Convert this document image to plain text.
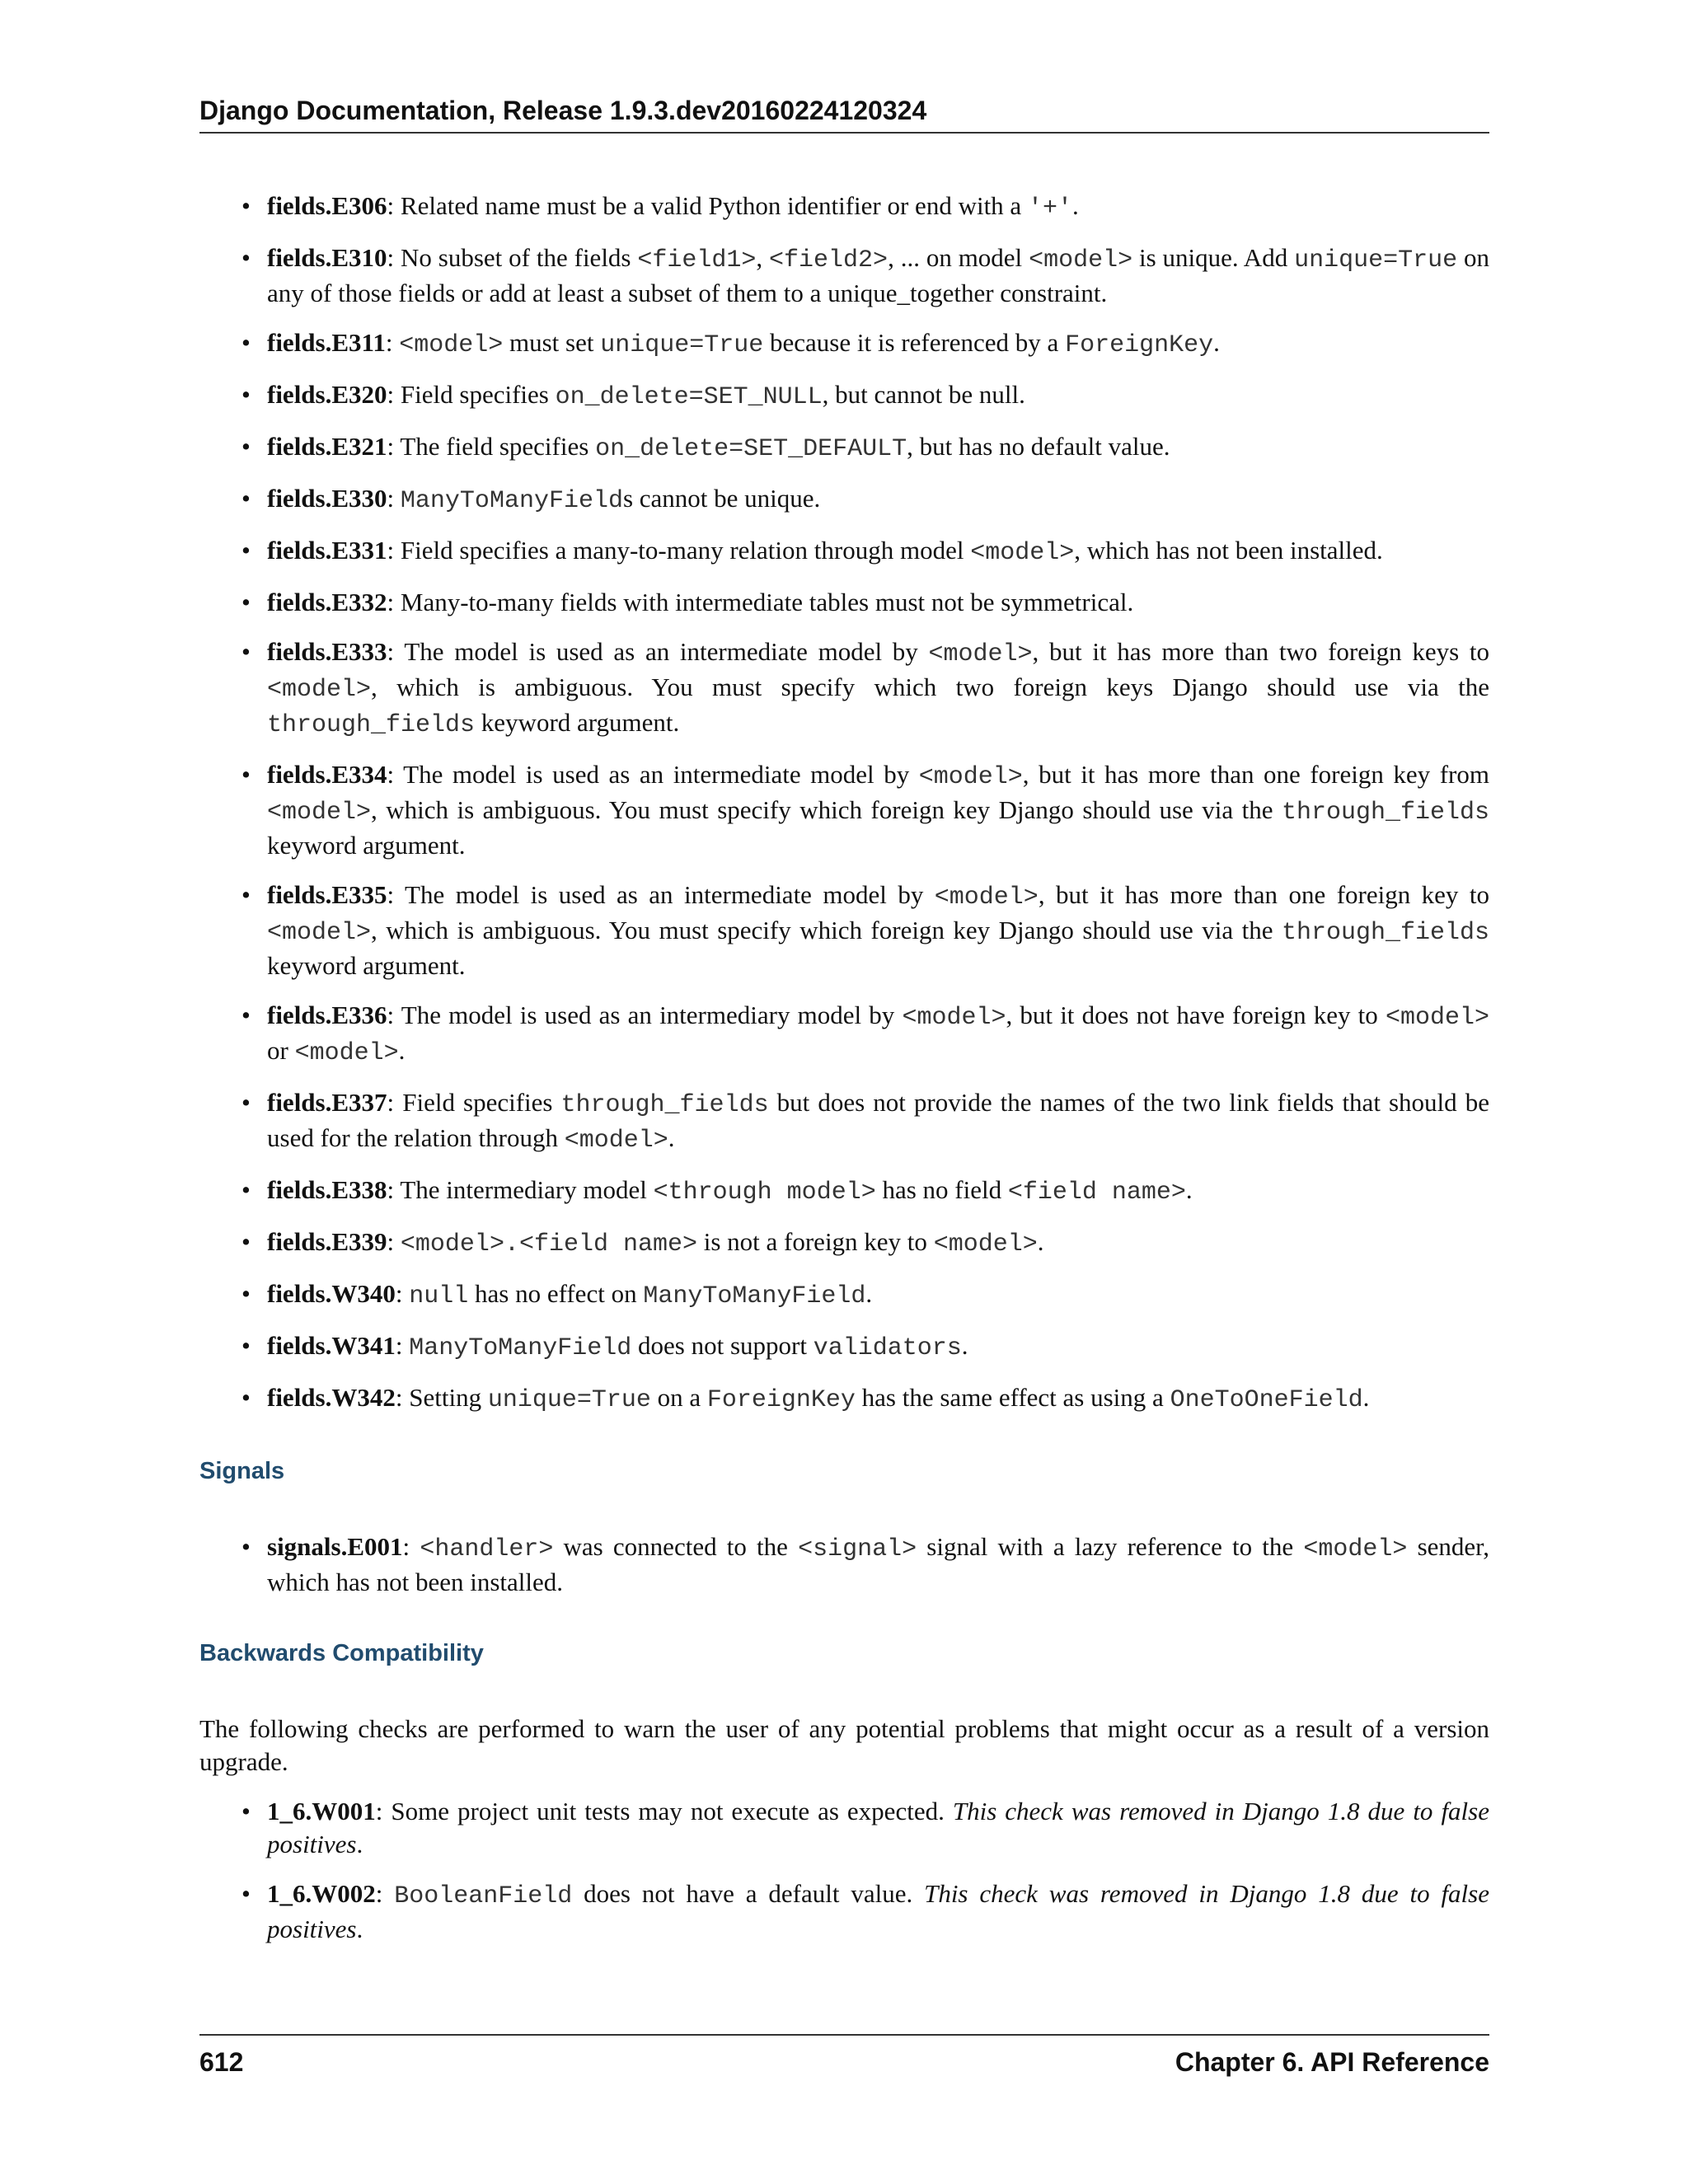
Django Documentation, Release 1.9.3.dev20160224120324
• fields.E306: Related name must be a valid Python identifier or end with a '+'.
• fields.E310: No subset of the fields <field1>, <field2>, ... on model <model> is unique. Add unique=True on any of those fields or add at least a subset of them to a unique_together constraint.
• fields.E311: <model> must set unique=True because it is referenced by a ForeignKey.
• fields.E320: Field specifies on_delete=SET_NULL, but cannot be null.
• fields.E321: The field specifies on_delete=SET_DEFAULT, but has no default value.
• fields.E330: ManyToManyFields cannot be unique.
• fields.E331: Field specifies a many-to-many relation through model <model>, which has not been installed.
• fields.E332: Many-to-many fields with intermediate tables must not be symmetrical.
• fields.E333: The model is used as an intermediate model by <model>, but it has more than two foreign keys to <model>, which is ambiguous. You must specify which two foreign keys Django should use via the through_fields keyword argument.
• fields.E334: The model is used as an intermediate model by <model>, but it has more than one foreign key from <model>, which is ambiguous. You must specify which foreign key Django should use via the through_fields keyword argument.
• fields.E335: The model is used as an intermediate model by <model>, but it has more than one foreign key to <model>, which is ambiguous. You must specify which foreign key Django should use via the through_fields keyword argument.
• fields.E336: The model is used as an intermediary model by <model>, but it does not have foreign key to <model> or <model>.
• fields.E337: Field specifies through_fields but does not provide the names of the two link fields that should be used for the relation through <model>.
• fields.E338: The intermediary model <through model> has no field <field name>.
• fields.E339: <model>.<field name> is not a foreign key to <model>.
• fields.W340: null has no effect on ManyToManyField.
• fields.W341: ManyToManyField does not support validators.
• fields.W342: Setting unique=True on a ForeignKey has the same effect as using a OneToOneField.
Signals
• signals.E001: <handler> was connected to the <signal> signal with a lazy reference to the <model> sender, which has not been installed.
Backwards Compatibility

The following checks are performed to warn the user of any potential problems that might occur as a result of a version upgrade.

• 1_6.W001: Some project unit tests may not execute as expected. This check was removed in Django 1.8 due to false positives.
• 1_6.W002: BooleanField does not have a default value. This check was removed in Django 1.8 due to false positives.
612	Chapter 6. API Reference
